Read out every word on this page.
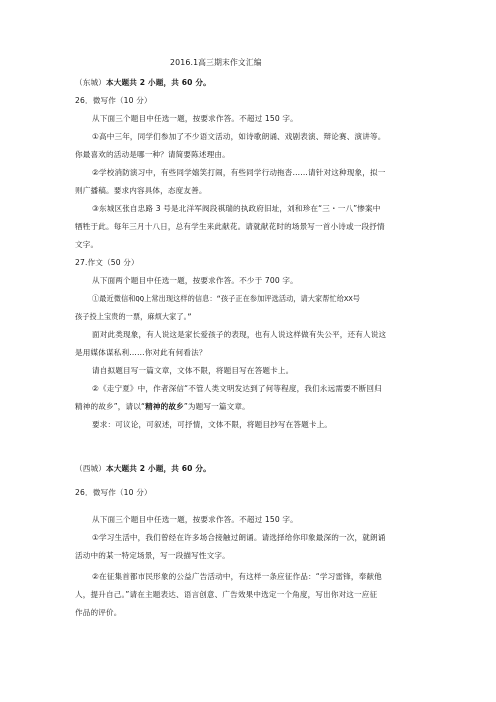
2016.1高三期末作文汇编
（东城）本大题共 2 小题，共 60 分。
26．微写作（10 分）
从下面三个题目中任选一题，按要求作答。不超过 150 字。
①高中三年，同学们参加了不少语文活动，如诗歌朗诵、戏剧表演、辩论赛、演讲等。
你最喜欢的活动是哪一种？请简要陈述理由。
②学校消防演习中，有些同学嬉笑打闹，有些同学行动拖沓……请针对这种现象，拟一
则广播稿。要求内容具体，态度友善。
③东城区张自忠路 3 号是北洋军阀段祺瑞的执政府旧址，刘和珍在“三・一八”惨案中
牺牲于此。每年三月十八日，总有学生来此献花。请就献花时的场景写一首小诗或一段抒情
文字。
27.作文（50 分）
从下面两个题目中任选一题，按要求作答。不少于 700 字。
①最近微信和QQ上常出现这样的信息：“孩子正在参加评选活动，请大家帮忙给XX号
孩子投上宝贵的一票，麻烦大家了。”
面对此类现象，有人说这是家长爱孩子的表现，也有人说这样做有失公平，还有人说这
是用媒体谋私利……你对此有何看法？
请自拟题目写一篇文章，文体不限，将题目写在答题卡上。
②《走宁夏》中，作者深信“不管人类文明发达到了何等程度，我们永远需要不断回归
精神的故乡”，请以“精神的故乡”为题写一篇文章。
要求：可议论，可叙述，可抒情，文体不限，将题目抄写在答题卡上。
（西城）本大题共 2 小题，共 60 分。
26．微写作（10 分）
从下面三个题目中任选一题，按要求作答。不超过 150 字。
①学习生活中，我们曾经在许多场合接触过朗诵。请选择给你印象最深的一次，就朗诵
活动中的某一特定场景，写一段描写性文字。
②在征集首都市民形象的公益广告活动中，有这样一条应征作品：“学习雷锋，奉献他
人，提升自己。”请在主题表达、语言创意、广告效果中选定一个角度，写出你对这一应征
作品的评价。
